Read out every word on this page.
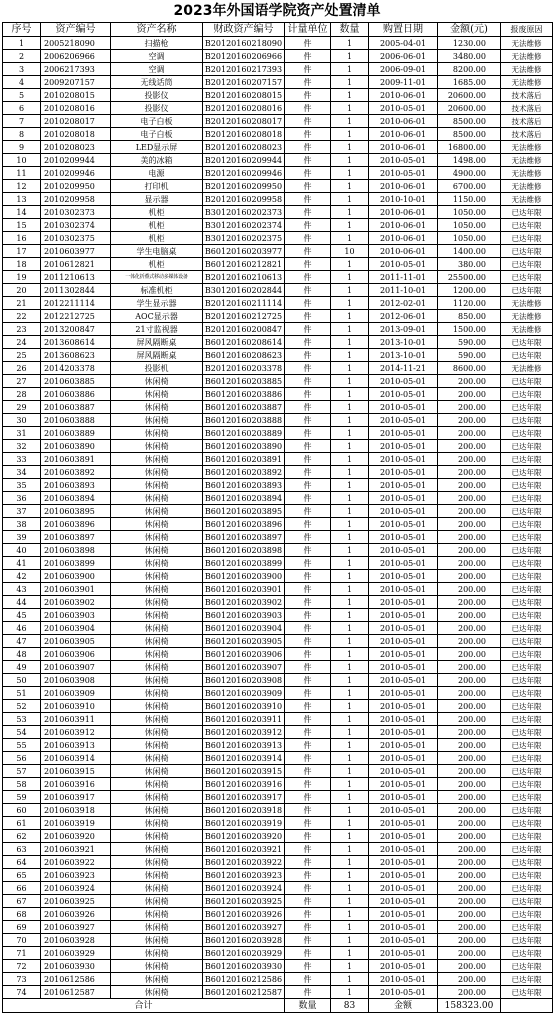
2023年外国语学院资产处置清单
序号	资产编号	资产名称	财政资产编号	计量单位	数量	购置日期	金额(元)	报废原因
1	2005218090	扫描枪	B20120160218090	件	1	2005-04-01	1230.00	无法维修
2	2006206966	空调	B20120160206966	件	1	2006-06-01	3480.00	无法维修
3	2006217393	空调	B20120160217393	件	1	2006-09-01	8200.00	无法维修
4	2009207157	无线话筒	B20120160207157	件	1	2009-11-01	1685.00	无法维修
5	2010208015	投影仪	B20120160208015	件	1	2010-06-01	20600.00	技术落后
6	2010208016	投影仪	B20120160208016	件	1	2010-05-01	20600.00	技术落后
7	2010208017	电子白板	B20120160208017	件	1	2010-06-01	8500.00	技术落后
8	2010208018	电子白板	B20120160208018	件	1	2010-06-01	8500.00	技术落后
9	2010208023	LED显示屏	B20120160208023	件	1	2010-06-01	16800.00	无法维修
10	2010209944	美的冰箱	B20120160209944	件	1	2010-05-01	1498.00	无法维修
11	2010209946	电源	B20120160209946	件	1	2010-05-01	4900.00	无法维修
12	2010209950	打印机	B20120160209950	件	1	2010-06-01	6700.00	无法维修
13	2010209958	显示器	B20120160209958	件	1	2010-10-01	1150.00	无法维修
14	2010302373	机柜	B30120160202373	件	1	2010-06-01	1050.00	已达年限
15	2010302374	机柜	B30120160202374	件	1	2010-06-01	1050.00	已达年限
16	2010302375	机柜	B30120160202375	件	1	2010-06-01	1050.00	已达年限
17	2010603977	学生电脑桌	B60120160203977	件	10	2010-06-01	1400.00	已达年限
18	2010612821	机柜	B60120160212821	件	1	2010-05-01	380.00	已达年限
19	2011210613	一体化折叠式移动多媒体设备	B20120160210613	件	1	2011-11-01	25500.00	已达年限
20	2011302844	标准机柜	B30120160202844	件	1	2011-10-01	1200.00	已达年限
21	2012211114	学生显示器	B20120160211114	件	1	2012-02-01	1120.00	无法维修
22	2012212725	AOC显示器	B20120160212725	件	1	2012-06-01	850.00	无法维修
23	2013200847	21寸监视器	B20120160200847	件	1	2013-09-01	1500.00	无法维修
24	2013608614	屏风隔断桌	B60120160208614	件	1	2013-10-01	590.00	已达年限
25	2013608623	屏风隔断桌	B60120160208623	件	1	2013-10-01	590.00	已达年限
26	2014203378	投影机	B20120160203378	件	1	2014-11-21	8600.00	无法维修
27	2010603885	休闲椅	B60120160203885	件	1	2010-05-01	200.00	已达年限
28	2010603886	休闲椅	B60120160203886	件	1	2010-05-01	200.00	已达年限
29	2010603887	休闲椅	B60120160203887	件	1	2010-05-01	200.00	已达年限
30	2010603888	休闲椅	B60120160203888	件	1	2010-05-01	200.00	已达年限
31	2010603889	休闲椅	B60120160203889	件	1	2010-05-01	200.00	已达年限
32	2010603890	休闲椅	B60120160203890	件	1	2010-05-01	200.00	已达年限
33	2010603891	休闲椅	B60120160203891	件	1	2010-05-01	200.00	已达年限
34	2010603892	休闲椅	B60120160203892	件	1	2010-05-01	200.00	已达年限
35	2010603893	休闲椅	B60120160203893	件	1	2010-05-01	200.00	已达年限
36	2010603894	休闲椅	B60120160203894	件	1	2010-05-01	200.00	已达年限
37	2010603895	休闲椅	B60120160203895	件	1	2010-05-01	200.00	已达年限
38	2010603896	休闲椅	B60120160203896	件	1	2010-05-01	200.00	已达年限
39	2010603897	休闲椅	B60120160203897	件	1	2010-05-01	200.00	已达年限
40	2010603898	休闲椅	B60120160203898	件	1	2010-05-01	200.00	已达年限
41	2010603899	休闲椅	B60120160203899	件	1	2010-05-01	200.00	已达年限
42	2010603900	休闲椅	B60120160203900	件	1	2010-05-01	200.00	已达年限
43	2010603901	休闲椅	B60120160203901	件	1	2010-05-01	200.00	已达年限
44	2010603902	休闲椅	B60120160203902	件	1	2010-05-01	200.00	已达年限
45	2010603903	休闲椅	B60120160203903	件	1	2010-05-01	200.00	已达年限
46	2010603904	休闲椅	B60120160203904	件	1	2010-05-01	200.00	已达年限
47	2010603905	休闲椅	B60120160203905	件	1	2010-05-01	200.00	已达年限
48	2010603906	休闲椅	B60120160203906	件	1	2010-05-01	200.00	已达年限
49	2010603907	休闲椅	B60120160203907	件	1	2010-05-01	200.00	已达年限
50	2010603908	休闲椅	B60120160203908	件	1	2010-05-01	200.00	已达年限
51	2010603909	休闲椅	B60120160203909	件	1	2010-05-01	200.00	已达年限
52	2010603910	休闲椅	B60120160203910	件	1	2010-05-01	200.00	已达年限
53	2010603911	休闲椅	B60120160203911	件	1	2010-05-01	200.00	已达年限
54	2010603912	休闲椅	B60120160203912	件	1	2010-05-01	200.00	已达年限
55	2010603913	休闲椅	B60120160203913	件	1	2010-05-01	200.00	已达年限
56	2010603914	休闲椅	B60120160203914	件	1	2010-05-01	200.00	已达年限
57	2010603915	休闲椅	B60120160203915	件	1	2010-05-01	200.00	已达年限
58	2010603916	休闲椅	B60120160203916	件	1	2010-05-01	200.00	已达年限
59	2010603917	休闲椅	B60120160203917	件	1	2010-05-01	200.00	已达年限
60	2010603918	休闲椅	B60120160203918	件	1	2010-05-01	200.00	已达年限
61	2010603919	休闲椅	B60120160203919	件	1	2010-05-01	200.00	已达年限
62	2010603920	休闲椅	B60120160203920	件	1	2010-05-01	200.00	已达年限
63	2010603921	休闲椅	B60120160203921	件	1	2010-05-01	200.00	已达年限
64	2010603922	休闲椅	B60120160203922	件	1	2010-05-01	200.00	已达年限
65	2010603923	休闲椅	B60120160203923	件	1	2010-05-01	200.00	已达年限
66	2010603924	休闲椅	B60120160203924	件	1	2010-05-01	200.00	已达年限
67	2010603925	休闲椅	B60120160203925	件	1	2010-05-01	200.00	已达年限
68	2010603926	休闲椅	B60120160203926	件	1	2010-05-01	200.00	已达年限
69	2010603927	休闲椅	B60120160203927	件	1	2010-05-01	200.00	已达年限
70	2010603928	休闲椅	B60120160203928	件	1	2010-05-01	200.00	已达年限
71	2010603929	休闲椅	B60120160203929	件	1	2010-05-01	200.00	已达年限
72	2010603930	休闲椅	B60120160203930	件	1	2010-05-01	200.00	已达年限
73	2010612586	休闲椅	B60120160212586	件	1	2010-05-01	200.00	已达年限
74	2010612587	休闲椅	B60120160212587	件	1	2010-05-01	200.00	已达年限
合计				数量	83	金额	158323.00	
